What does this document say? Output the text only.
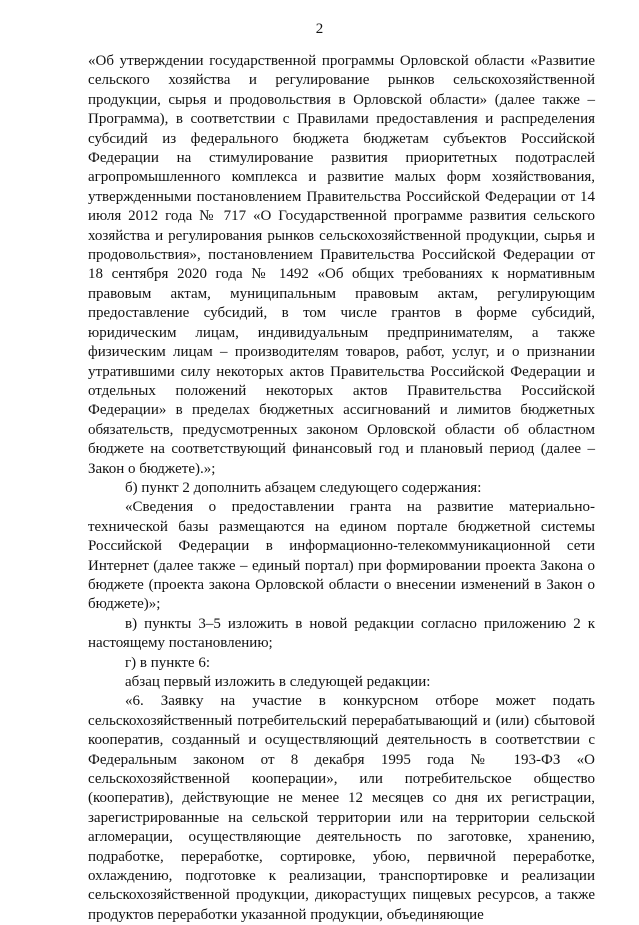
2

«Об утверждении государственной программы Орловской области «Развитие сельского хозяйства и регулирование рынков сельскохозяйственной продукции, сырья и продовольствия в Орловской области» (далее также – Программа), в соответствии с Правилами предоставления и распределения субсидий из федерального бюджета бюджетам субъектов Российской Федерации на стимулирование развития приоритетных подотраслей агропромышленного комплекса и развитие малых форм хозяйствования, утвержденными постановлением Правительства Российской Федерации от 14 июля 2012 года № 717 «О Государственной программе развития сельского хозяйства и регулирования рынков сельскохозяйственной продукции, сырья и продовольствия», постановлением Правительства Российской Федерации от 18 сентября 2020 года № 1492 «Об общих требованиях к нормативным правовым актам, муниципальным правовым актам, регулирующим предоставление субсидий, в том числе грантов в форме субсидий, юридическим лицам, индивидуальным предпринимателям, а также физическим лицам – производителям товаров, работ, услуг, и о признании утратившими силу некоторых актов Правительства Российской Федерации и отдельных положений некоторых актов Правительства Российской Федерации» в пределах бюджетных ассигнований и лимитов бюджетных обязательств, предусмотренных законом Орловской области об областном бюджете на соответствующий финансовый год и плановый период (далее – Закон о бюджете).»;

б) пункт 2 дополнить абзацем следующего содержания:

«Сведения о предоставлении гранта на развитие материально-технической базы размещаются на едином портале бюджетной системы Российской Федерации в информационно-телекоммуникационной сети Интернет (далее также – единый портал) при формировании проекта Закона о бюджете (проекта закона Орловской области о внесении изменений в Закон о бюджете)»;

в) пункты 3–5 изложить в новой редакции согласно приложению 2 к настоящему постановлению;

г) в пункте 6:

абзац первый изложить в следующей редакции:

«6. Заявку на участие в конкурсном отборе может подать сельскохозяйственный потребительский перерабатывающий и (или) сбытовой кооператив, созданный и осуществляющий деятельность в соответствии с Федеральным законом от 8 декабря 1995 года № 193-ФЗ «О сельскохозяйственной кооперации», или потребительское общество (кооператив), действующие не менее 12 месяцев со дня их регистрации, зарегистрированные на сельской территории или на территории сельской агломерации, осуществляющие деятельность по заготовке, хранению, подработке, переработке, сортировке, убою, первичной переработке, охлаждению, подготовке к реализации, транспортировке и реализации сельскохозяйственной продукции, дикорастущих пищевых ресурсов, а также продуктов переработки указанной продукции, объединяющие
